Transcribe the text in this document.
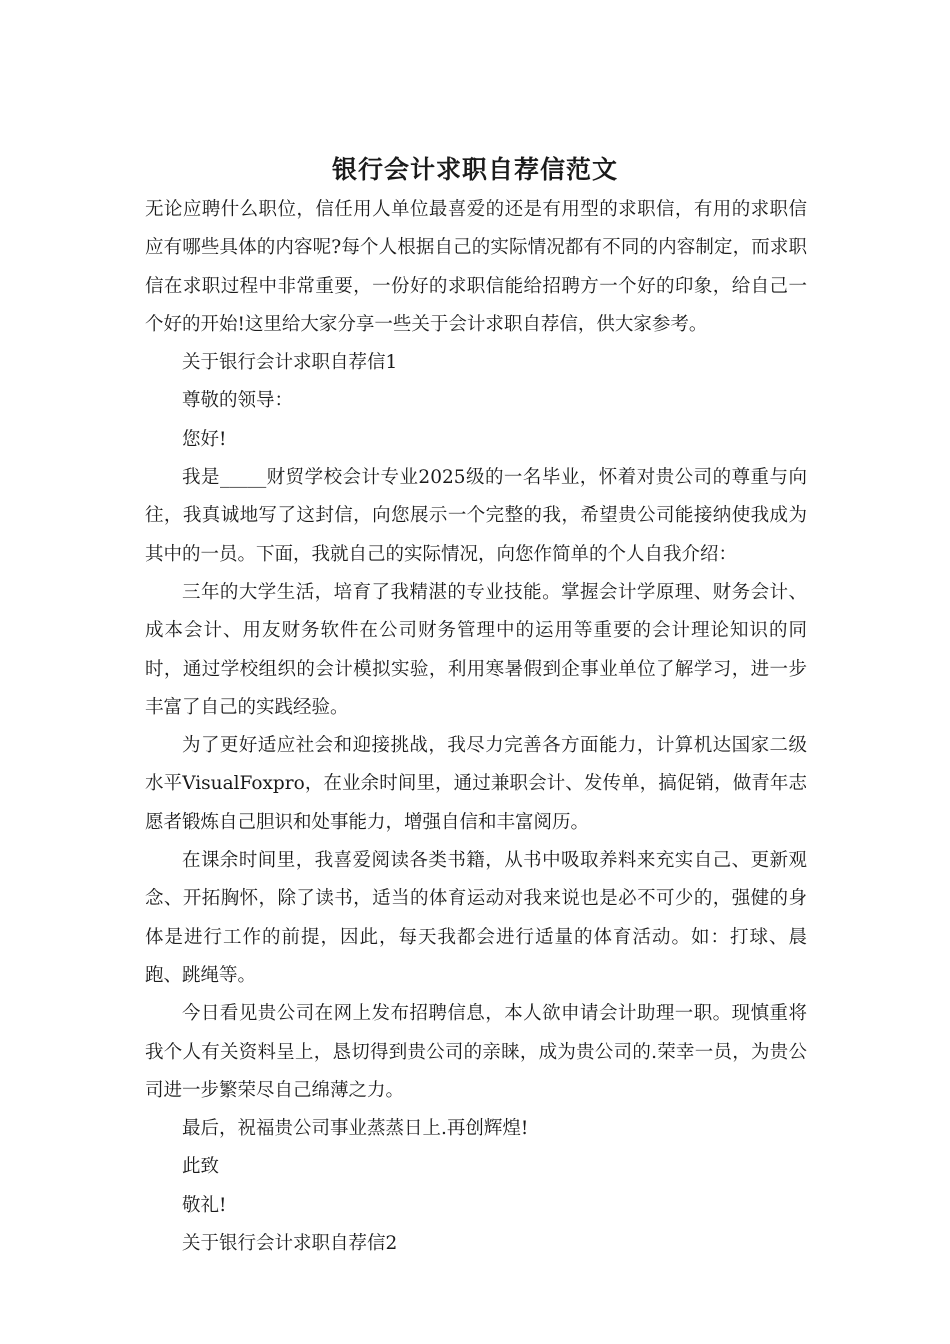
银行会计求职自荐信范文

无论应聘什么职位，信任用人单位最喜爱的还是有用型的求职信，有用的求职信应有哪些具体的内容呢?每个人根据自己的实际情况都有不同的内容制定，而求职信在求职过程中非常重要，一份好的求职信能给招聘方一个好的印象，给自己一个好的开始!这里给大家分享一些关于会计求职自荐信，供大家参考。

关于银行会计求职自荐信1

尊敬的领导：

您好!

我是_____财贸学校会计专业2025级的一名毕业，怀着对贵公司的尊重与向往，我真诚地写了这封信，向您展示一个完整的我，希望贵公司能接纳使我成为其中的一员。下面，我就自己的实际情况，向您作简单的个人自我介绍：

三年的大学生活，培育了我精湛的专业技能。掌握会计学原理、财务会计、成本会计、用友财务软件在公司财务管理中的运用等重要的会计理论知识的同时，通过学校组织的会计模拟实验，利用寒暑假到企事业单位了解学习，进一步丰富了自己的实践经验。

为了更好适应社会和迎接挑战，我尽力完善各方面能力，计算机达国家二级水平VisualFoxpro，在业余时间里，通过兼职会计、发传单，搞促销，做青年志愿者锻炼自己胆识和处事能力，增强自信和丰富阅历。

在课余时间里，我喜爱阅读各类书籍，从书中吸取养料来充实自己、更新观念、开拓胸怀，除了读书，适当的体育运动对我来说也是必不可少的，强健的身体是进行工作的前提，因此，每天我都会进行适量的体育活动。如：打球、晨跑、跳绳等。

今日看见贵公司在网上发布招聘信息，本人欲申请会计助理一职。现慎重将我个人有关资料呈上，恳切得到贵公司的亲睐，成为贵公司的.荣幸一员，为贵公司进一步繁荣尽自己绵薄之力。

最后，祝福贵公司事业蒸蒸日上.再创辉煌!

此致

敬礼!

关于银行会计求职自荐信2
